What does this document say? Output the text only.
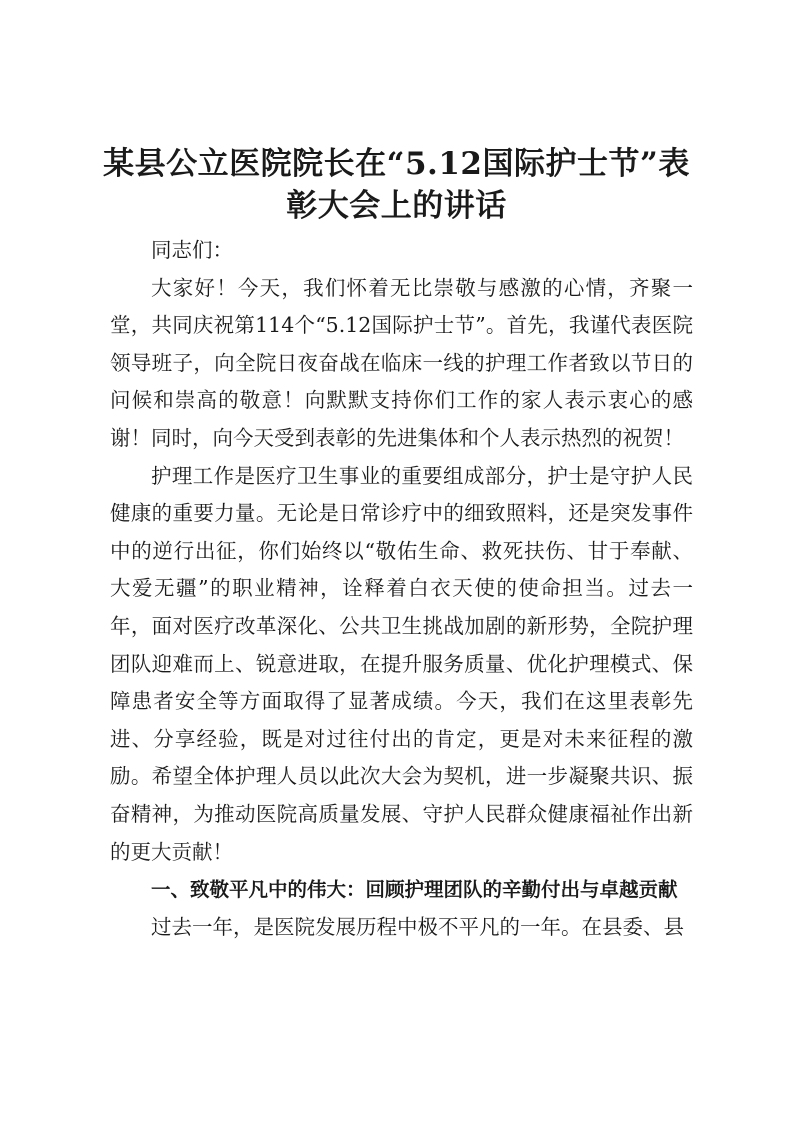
某县公立医院院长在“5.12国际护士节”表彰大会上的讲话

同志们：

大家好！今天，我们怀着无比崇敬与感激的心情，齐聚一堂，共同庆祝第114个“5.12国际护士节”。首先，我谨代表医院领导班子，向全院日夜奋战在临床一线的护理工作者致以节日的问候和崇高的敬意！向默默支持你们工作的家人表示衷心的感谢！同时，向今天受到表彰的先进集体和个人表示热烈的祝贺！

护理工作是医疗卫生事业的重要组成部分，护士是守护人民健康的重要力量。无论是日常诊疗中的细致照料，还是突发事件中的逆行出征，你们始终以“敬佑生命、救死扶伤、甘于奉献、大爱无疆”的职业精神，诠释着白衣天使的使命担当。过去一年，面对医疗改革深化、公共卫生挑战加剧的新形势，全院护理团队迎难而上、锐意进取，在提升服务质量、优化护理模式、保障患者安全等方面取得了显著成绩。今天，我们在这里表彰先进、分享经验，既是对过往付出的肯定，更是对未来征程的激励。希望全体护理人员以此次大会为契机，进一步凝聚共识、振奋精神，为推动医院高质量发展、守护人民群众健康福祉作出新的更大贡献！

一、致敬平凡中的伟大：回顾护理团队的辛勤付出与卓越贡献

过去一年，是医院发展历程中极不平凡的一年。在县委、县
